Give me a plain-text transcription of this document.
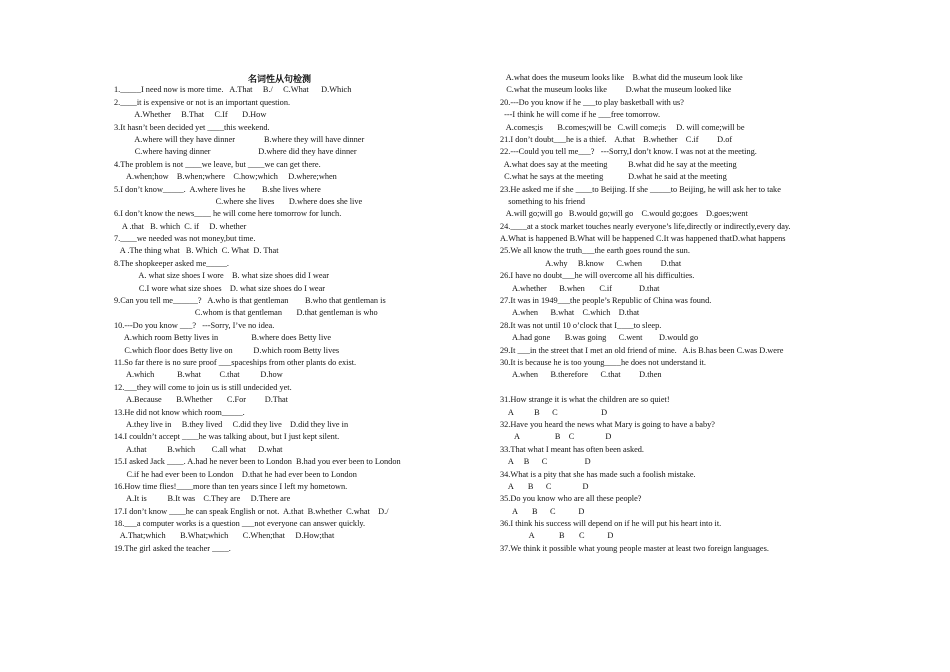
名词性从句检测
1._____I need now is more time.   A.That     B./     C.What      D.Which
2.____it is expensive or not is an important question.
A.Whether     B.That     C.If       D.How
3.It hasn’t been decided yet ____this weekend.
A.where will they have dinner              B.where they will have dinner
C.where having dinner                       D.where did they have dinner
4.The problem is not ____we leave, but ____we can get there.
A.when;how    B.when;where    C.how;which     D.where;when
5.I don’t know_____.  A.where lives he        B.she lives where
C.where she lives       D.where does she live
6.I don’t know the news____ he will come here tomorrow for lunch.
A .that   B. which  C. if     D. whether
7.____we needed was not money,but time.
A .The thing what   B. Which  C. What  D. That
8.The shopkeeper asked me_____.
A. what size shoes I wore    B. what size shoes did I wear
C.I wore what size shoes    D. what size shoes do I wear
9.Can you tell me______?   A.who is that gentleman        B.who that gentleman is
C.whom is that gentleman       D.that gentleman is who
10.---Do you know ___?   ---Sorry, I’ve no idea.
A.which room Betty lives in                B.where does Betty live
C.which floor does Betty live on          D.which room Betty lives
11.So far there is no sure proof ___spaceships from other plants do exist.
A.which           B.what         C.that          D.how
12.___they will come to join us is still undecided yet.
A.Because       B.Whether       C.For         D.That
13.He did not know which room_____.
A.they live in     B.they lived     C.did they live    D.did they live in
14.I couldn’t accept ____he was talking about, but I just kept silent.
A.that          B.which        C.all what      D.what
15.I asked Jack ____. A.had he never been to London  B.had you ever been to London
C.if he had ever been to London    D.that he had ever been to London
16.How time flies!____more than ten years since I left my hometown.
A.It is          B.It was    C.They are     D.There are
17.I don’t know ____he can speak English or not.  A.that  B.whether  C.what    D./
18.___a computer works is a question ___not everyone can answer quickly.
A.That;which       B.What;which       C.When;that     D.How;that
19.The girl asked the teacher ____.
A.what does the museum looks like    B.what did the museum look like
C.what the museum looks like         D.what the museum looked like
20.---Do you know if he ___to play basketball with us?
---I think he will come if he ___free tomorrow.
A.comes;is       B.comes;will be   C.will come;is     D. will come;will be
21.I don’t doubt___he is a thief.    A.that    B.whether    C.if         D.of
22.---Could you tell me___?   ---Sorry,I don’t know. I was not at the meeting.
A.what does say at the meeting          B.what did he say at the meeting
C.what he says at the meeting            D.what he said at the meeting
23.He asked me if she ____to Beijing. If she _____to Beijing, he will ask her to take
something to his friend
A.will go;will go   B.would go;will go    C.would go;goes    D.goes;went
24.____at a stock market touches nearly everyone’s life,directly or indirectly,every day.
A.What is happened B.What will be happened C.It was happened thatD.what happens
25.We all know the truth___the earth goes round the sun.
A.why     B.know      C.when         D.that
26.I have no doubt___he will overcome all his difficulties.
A.whether      B.when       C.if             D.that
27.It was in 1949___the people’s Republic of China was found.
A.when      B.what    C.which    D.that
28.It was not until 10 o’clock that I____to sleep.
A.had gone       B.was going      C.went        D.would go
29.It ___in the street that I met an old friend of mine.   A.is B.has been C.was D.were
30.It is because he is too young____he does not understand it.
A.when      B.therefore      C.that         D.then
31.How strange it is what the children are so quiet!
A          B      C                     D
32.Have you heard the news what Mary is going to have a baby?
A                 B    C               D
33.That what I meant has often been asked.
A     B      C                  D
34.What is a pity that she has made such a foolish mistake.
A       B      C               D
35.Do you know who are all these people?
A       B      C           D
36.I think his success will depend on if he will put his heart into it.
A            B       C           D
37.We think it possible what young people master at least two foreign languages.
